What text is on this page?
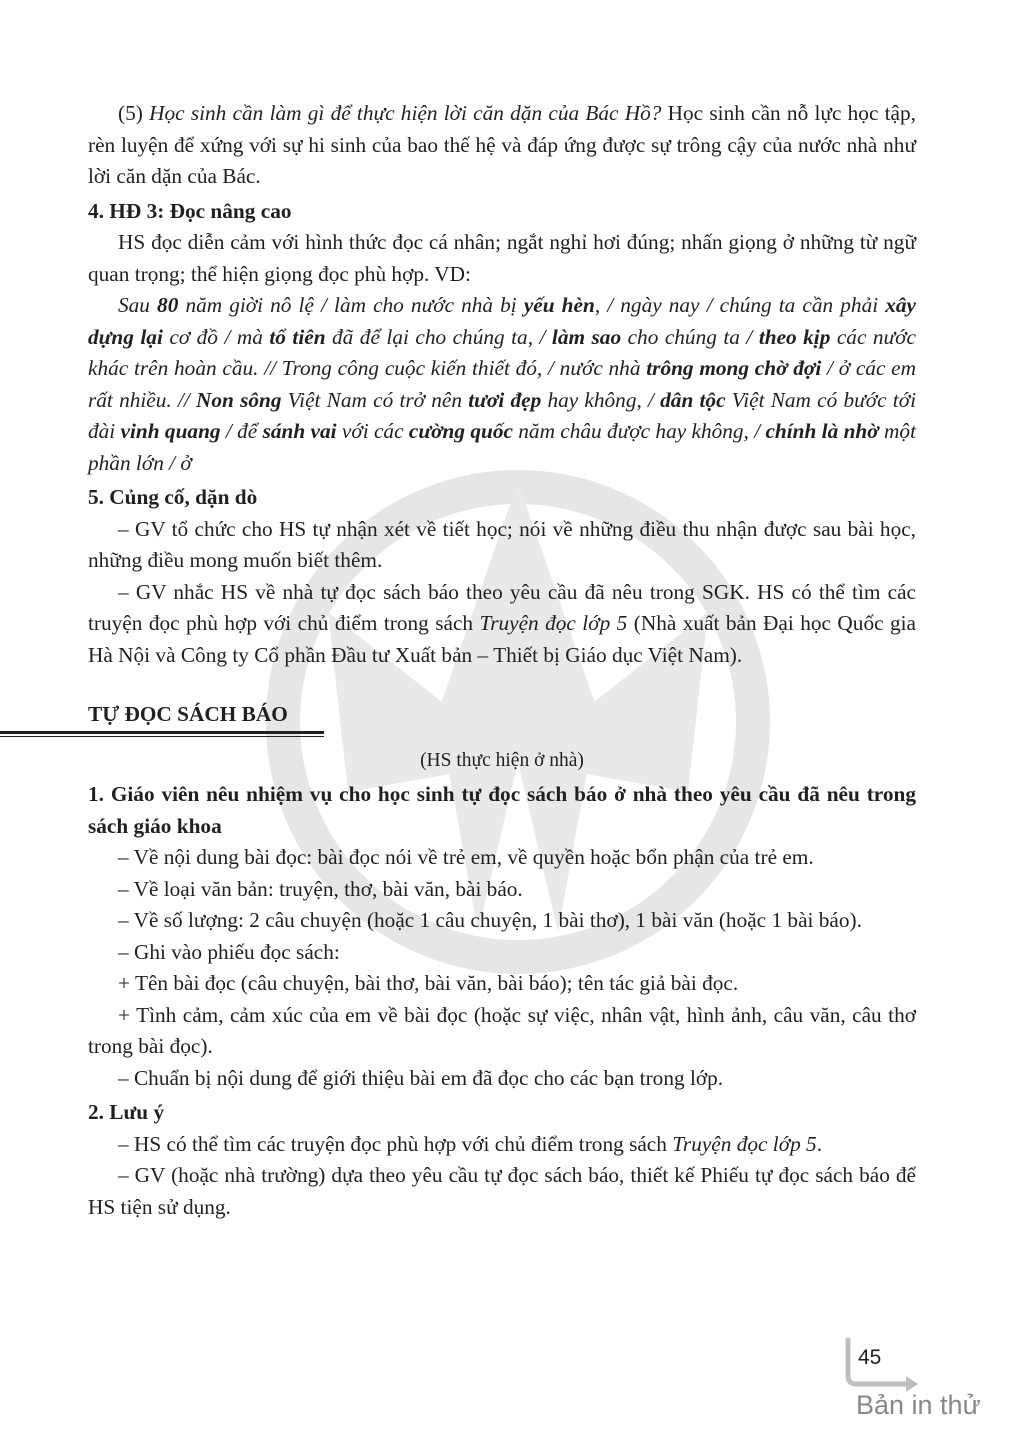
(5) Học sinh cần làm gì để thực hiện lời căn dặn của Bác Hồ? Học sinh cần nỗ lực học tập, rèn luyện để xứng với sự hi sinh của bao thế hệ và đáp ứng được sự trông cậy của nước nhà như lời căn dặn của Bác.

4. HĐ 3: Đọc nâng cao

HS đọc diễn cảm với hình thức đọc cá nhân; ngắt nghỉ hơi đúng; nhấn giọng ở những từ ngữ quan trọng; thể hiện giọng đọc phù hợp. VD:

Sau 80 năm giời nô lệ / làm cho nước nhà bị yếu hèn, / ngày nay / chúng ta cần phải xây dựng lại cơ đồ / mà tổ tiên đã để lại cho chúng ta, / làm sao cho chúng ta / theo kịp các nước khác trên hoàn cầu. // Trong công cuộc kiến thiết đó, / nước nhà trông mong chờ đợi / ở các em rất nhiều. // Non sông Việt Nam có trở nên tươi đẹp hay không, / dân tộc Việt Nam có bước tới đài vinh quang / để sánh vai với các cường quốc năm châu được hay không, / chính là nhờ một phần lớn / ở

5. Củng cố, dặn dò

– GV tổ chức cho HS tự nhận xét về tiết học; nói về những điều thu nhận được sau bài học, những điều mong muốn biết thêm.

– GV nhắc HS về nhà tự đọc sách báo theo yêu cầu đã nêu trong SGK. HS có thể tìm các truyện đọc phù hợp với chủ điểm trong sách Truyện đọc lớp 5 (Nhà xuất bản Đại học Quốc gia Hà Nội và Công ty Cổ phần Đầu tư Xuất bản – Thiết bị Giáo dục Việt Nam).

TỰ ĐỌC SÁCH BÁO

(HS thực hiện ở nhà)

1. Giáo viên nêu nhiệm vụ cho học sinh tự đọc sách báo ở nhà theo yêu cầu đã nêu trong sách giáo khoa

– Về nội dung bài đọc: bài đọc nói về trẻ em, về quyền hoặc bổn phận của trẻ em.

– Về loại văn bản: truyện, thơ, bài văn, bài báo.

– Về số lượng: 2 câu chuyện (hoặc 1 câu chuyện, 1 bài thơ), 1 bài văn (hoặc 1 bài báo).

– Ghi vào phiếu đọc sách:

+ Tên bài đọc (câu chuyện, bài thơ, bài văn, bài báo); tên tác giả bài đọc.

+ Tình cảm, cảm xúc của em về bài đọc (hoặc sự việc, nhân vật, hình ảnh, câu văn, câu thơ trong bài đọc).

– Chuẩn bị nội dung để giới thiệu bài em đã đọc cho các bạn trong lớp.

2. Lưu ý

– HS có thể tìm các truyện đọc phù hợp với chủ điểm trong sách Truyện đọc lớp 5.

– GV (hoặc nhà trường) dựa theo yêu cầu tự đọc sách báo, thiết kế Phiếu tự đọc sách báo để HS tiện sử dụng.

45
Bản in thử
